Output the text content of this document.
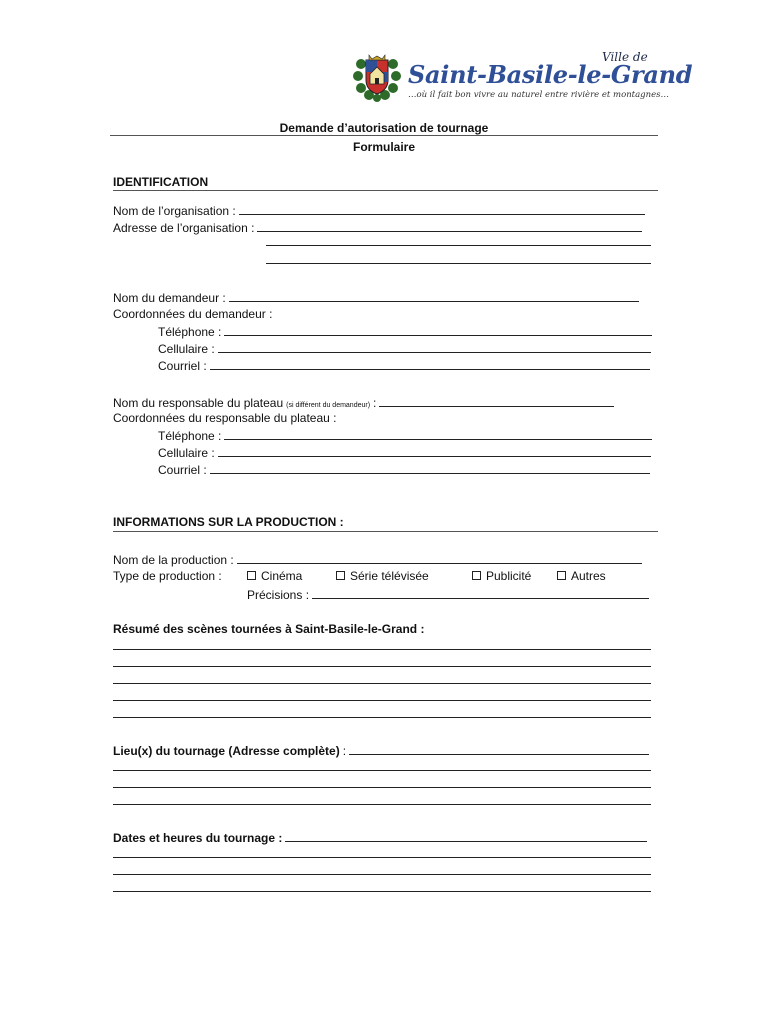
Ville de
Saint-Basile-le-Grand
…où il fait bon vivre au naturel entre rivière et montagnes…
Demande d’autorisation de tournage
Formulaire
IDENTIFICATION
Nom de l’organisation :
Adresse de l’organisation :
Nom du demandeur :
Coordonnées du demandeur :
Téléphone :
Cellulaire :
Courriel :
Nom du responsable du plateau (si différent du demandeur) :
Coordonnées du responsable du plateau :
Téléphone :
Cellulaire :
Courriel :
INFORMATIONS SUR LA PRODUCTION :
Nom de la production :
Type de production :	Cinéma	Série télévisée	Publicité	Autres
Précisions :
Résumé des scènes tournées à Saint-Basile-le-Grand :
Lieu(x) du tournage (Adresse complète) :
Dates et heures du tournage :
